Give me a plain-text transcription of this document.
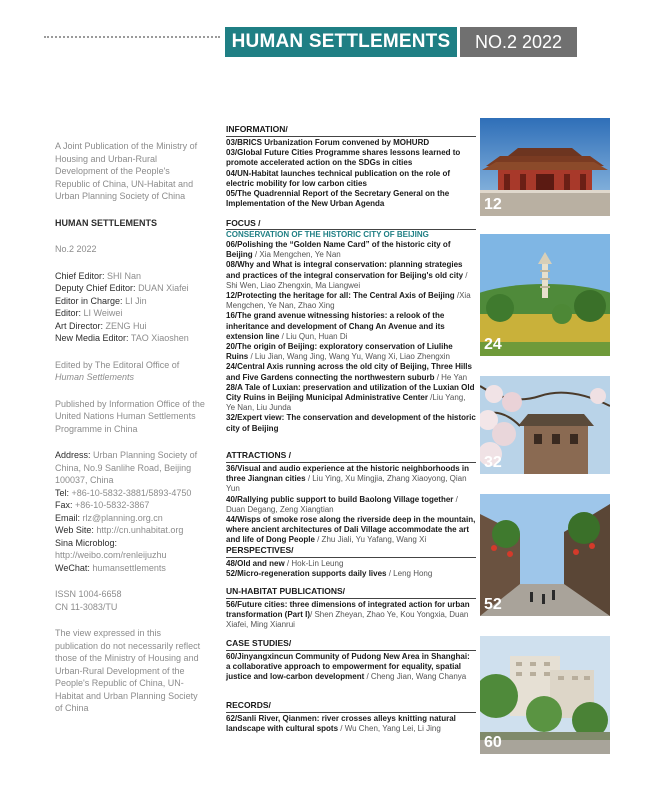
HUMAN SETTLEMENTS	NO.2 2022

A Joint Publication of the Ministry of Housing and Urban-Rural Development of the People's Republic of China, UN-Habitat and Urban Planning Society of China

HUMAN SETTLEMENTS

No.2 2022

Chief Editor: SHI Nan

Deputy Chief Editor: DUAN Xiafei

Editor in Charge: LI Jin

Editor: LI Weiwei

Art Director: ZENG Hui

New Media Editor: TAO Xiaoshen

Edited by The Editoral Office of Human Settlements

Published by Information Office of the United Nations Human Settlements Programme in China

Address: Urban Planning Society of China, No.9 Sanlihe Road, Beijing 100037, China

Tel: +86-10-5832-3881/5893-4750

Fax: +86-10-5832-3867

Email: rlz@planning.org.cn

Web Site: http://cn.unhabitat.org

Sina Microblog: http://weibo.com/renleijuzhu

WeChat: humansettlements

ISSN 1004-6658

CN 11-3083/TU

The view expressed in this publication do not necessarily reflect those of the Ministry of Housing and Urban-Rural Development of the People's Republic of China, UN-Habitat and Urban Planning Society of China

INFORMATION/
03/BRICS Urbanization Forum convened by MOHURD
03/Global Future Cities Programme shares lessons learned to promote accelerated action on the SDGs in cities
04/UN-Habitat launches technical publication on the role of electric mobility for low carbon cities
05/The Quadrennial Report of the Secretary General on the Implementation of the New Urban Agenda
FOCUS /
CONSERVATION OF THE HISTORIC CITY OF BEIJING
06/Polishing the “Golden Name Card” of the historic city of Beijing / Xia Mengchen, Ye Nan
08/Why and What is integral conservation: planning strategies and practices of the integral conservation for Beijing's old city / Shi Wen, Liao Zhengxin, Ma Liangwei
12/Protecting the heritage for all: The Central Axis of Beijing /Xia Mengchen, Ye Nan, Zhao Xing
16/The grand avenue witnessing histories: a relook of the inheritance and development of Chang An Avenue and its extension line / Liu Qun, Huan Di
20/The origin of Beijing: exploratory conservation of Liulihe Ruins / Liu Jian, Wang Jing, Wang Yu, Wang Xi, Liao Zhengxin
24/Central Axis running across the old city of Beijing, Three Hills and Five Gardens connecting the northwestern suburb / He Yan
28/A Tale of Luxian: preservation and utilization of the Luxian Old City Ruins in Beijing Municipal Administrative Center /Liu Yang, Ye Nan, Liu Junda
32/Expert view: The conservation and development of the historic city of Beijing
ATTRACTIONS /
36/Visual and audio experience at the historic neighborhoods in three Jiangnan cities / Liu Ying, Xu Mingjia, Zhang Xiaoyong, Qian Yun
40/Rallying public support to build Baolong Village together / Duan Degang, Zeng Xiangtian
44/Wisps of smoke rose along the riverside deep in the mountain, where ancient architectures of Dali Village accommodate the art and life of Dong People / Zhu Jiali, Yu Yafang, Wang Xi
PERSPECTIVES/
48/Old and new / Hok-Lin Leung
52/Micro-regeneration supports daily lives / Leng Hong
UN-HABITAT PUBLICATIONS/
56/Future cities: three dimensions of integrated action for urban transformation (Part I)/ Shen Zheyan, Zhao Ye, Kou Yongxia, Duan Xiafei, Ming Xianrui
CASE STUDIES/
60/Jinyangxincun Community of Pudong New Area in Shanghai: a collaborative approach to empowerment for equality, spatial justice and low-carbon development / Cheng Jian, Wang Chanya
RECORDS/
62/Sanli River, Qianmen: river crosses alleys knitting natural landscape with cultural spots / Wu Chen, Yang Lei, Li Jing
12
24
32
52
60
